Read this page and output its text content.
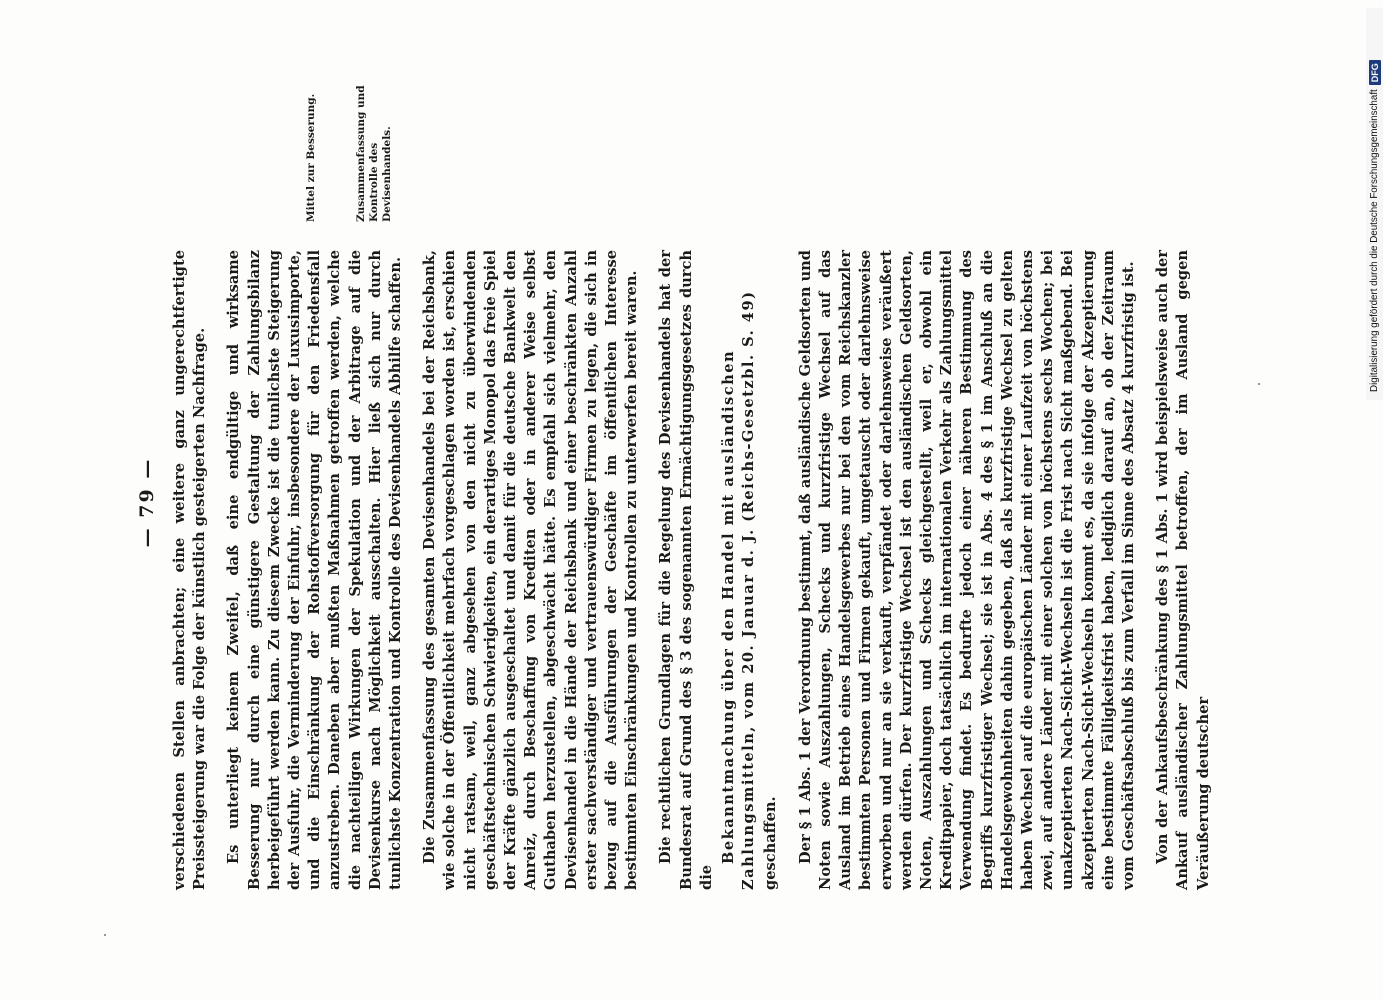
— 79 — verschiedenen Stellen anbrachten; eine weitere ganz ungerechtfertigte Preissteigerung war die Folge der künstlich gesteigerten Nachfrage. Es unterliegt keinem Zweifel, daß eine endgültige und wirksame Besserung nur durch eine günstigere Gestaltung der Zahlungsbilanz herbeigeführt werden kann. Zu diesem Zwecke ist die tunlichste Steigerung der Ausfuhr, die Verminderung der Einfuhr, insbesondere der Luxusimporte, und die Einschränkung der Rohstoffversorgung für den Friedensfall anzustreben. Daneben aber mußten Maßnahmen getroffen werden, welche die nachteiligen Wirkungen der Spekulation und der Arbitrage auf die Devisenkurse nach Möglichkeit ausschalten. Hier ließ sich nur durch tunlichste Konzentration und Kontrolle des Devisenhandels Abhilfe schaffen. Die Zusammenfassung des gesamten Devisenhandels bei der Reichsbank, wie solche in der Öffentlichkeit mehrfach vorgeschlagen worden ist, erschien nicht ratsam, weil, ganz abgesehen von den nicht zu überwindenden geschäftstechnischen Schwierigkeiten, ein derartiges Monopol das freie Spiel der Kräfte gänzlich ausgeschaltet und damit für die deutsche Bankwelt den Anreiz, durch Beschaffung von Krediten oder in anderer Weise selbst Guthaben herzustellen, abgeschwächt hätte. Es empfahl sich vielmehr, den Devisenhandel in die Hände der Reichsbank und einer beschränkten Anzahl erster sachverständiger und vertrauenswürdiger Firmen zu legen, die sich in bezug auf die Ausführungen der Geschäfte im öffentlichen Interesse bestimmten Einschränkungen und Kontrollen zu unterwerfen bereit waren. Die rechtlichen Grundlagen für die Regelung des Devisenhandels hat der Bundesrat auf Grund des § 3 des sogenannten Ermächtigungsgesetzes durch die

Bekanntmachung über den Handel mit ausländischen Zahlungsmitteln, vom 20. Januar d. J. (Reichs-Gesetzbl. S. 49) geschaffen. Der § 1 Abs. 1 der Verordnung bestimmt, daß ausländische Geldsorten und Noten sowie Auszahlungen, Schecks und kurzfristige Wechsel auf das Ausland im Betrieb eines Handelsgewerbes nur bei den vom Reichskanzler bestimmten Personen und Firmen gekauft, umgetauscht oder darlehnsweise erworben und nur an sie verkauft, verpfändet oder darlehnsweise veräußert werden dürfen. Der kurzfristige Wechsel ist den ausländischen Geldsorten, Noten, Auszahlungen und Schecks gleichgestellt, weil er, obwohl ein Kreditpapier, doch tatsächlich im internationalen Verkehr als Zahlungsmittel Verwendung findet. Es bedurfte jedoch einer näheren Bestimmung des Begriffs kurzfristiger Wechsel; sie ist in Abs. 4 des § 1 im Anschluß an die Handelsgewohnheiten dahin gegeben, daß als kurzfristige Wechsel zu gelten haben Wechsel auf die europäischen Länder mit einer Laufzeit von höchstens zwei, auf andere Länder mit einer solchen von höchstens sechs Wochen; bei unakzeptierten Nach-Sicht-Wechseln ist die Frist nach Sicht maßgebend. Bei akzeptierten Nach-Sicht-Wechseln kommt es, da sie infolge der Akzeptierung eine bestimmte Fälligkeitsfrist haben, lediglich darauf an, ob der Zeitraum vom Geschäftsabschluß bis zum Verfall im Sinne des Absatz 4 kurzfristig ist. Von der Ankaufsbeschränkung des § 1 Abs. 1 wird beispielsweise auch der Ankauf ausländischer Zahlungsmittel betroffen, der im Ausland gegen Veräußerung deutscher

Mittel zur Besserung.	Zusammenfassung und Kontrolle des Devisenhandels.	Digitalisierung gefördert durch die Deutsche Forschungsgemeinschaft
DFG
